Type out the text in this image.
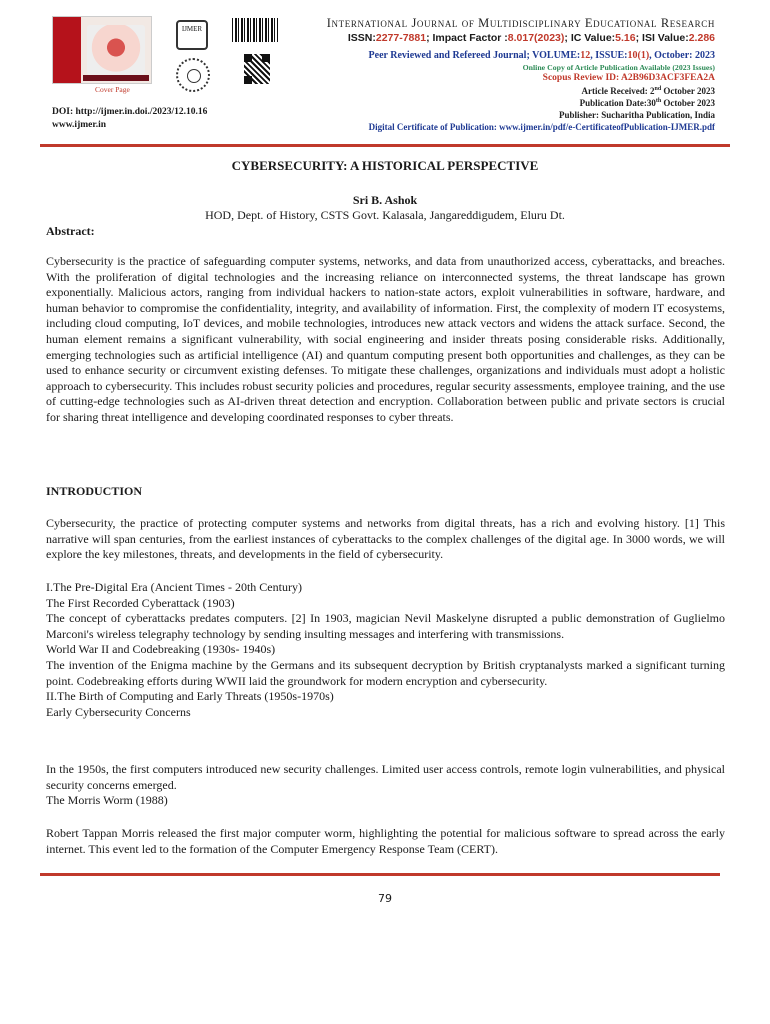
Cover Page
IJMER
DOI: http://ijmer.in.doi./2023/12.10.16
www.ijmer.in
International Journal of Multidisciplinary Educational Research
ISSN:2277-7881; Impact Factor :8.017(2023); IC Value:5.16; ISI Value:2.286
Peer Reviewed and Refereed Journal; VOLUME:12, ISSUE:10(1), October: 2023
Online Copy of Article Publication Available (2023 Issues)
Scopus Review ID: A2B96D3ACF3FEA2A
Article Received: 2nd October 2023
Publication Date:30th October 2023
Publisher: Sucharitha Publication, India
Digital Certificate of Publication: www.ijmer.in/pdf/e-CertificateofPublication-IJMER.pdf
CYBERSECURITY: A HISTORICAL PERSPECTIVE
Sri B. Ashok
HOD, Dept. of History, CSTS Govt. Kalasala, Jangareddigudem, Eluru Dt.
Abstract:
Cybersecurity is the practice of safeguarding computer systems, networks, and data from unauthorized access, cyberattacks, and breaches. With the proliferation of digital technologies and the increasing reliance on interconnected systems, the threat landscape has grown exponentially. Malicious actors, ranging from individual hackers to nation-state actors, exploit vulnerabilities in software, hardware, and human behavior to compromise the confidentiality, integrity, and availability of information. First, the complexity of modern IT ecosystems, including cloud computing, IoT devices, and mobile technologies, introduces new attack vectors and widens the attack surface. Second, the human element remains a significant vulnerability, with social engineering and insider threats posing considerable risks. Additionally, emerging technologies such as artificial intelligence (AI) and quantum computing present both opportunities and challenges, as they can be used to enhance security or circumvent existing defenses. To mitigate these challenges, organizations and individuals must adopt a holistic approach to cybersecurity. This includes robust security policies and procedures, regular security assessments, employee training, and the use of cutting-edge technologies such as AI-driven threat detection and encryption. Collaboration between public and private sectors is crucial for sharing threat intelligence and developing coordinated responses to cyber threats.
INTRODUCTION
Cybersecurity, the practice of protecting computer systems and networks from digital threats, has a rich and evolving history. [1] This narrative will span centuries, from the earliest instances of cyberattacks to the complex challenges of the digital age. In 3000 words, we will explore the key milestones, threats, and developments in the field of cybersecurity.
I.The Pre-Digital Era (Ancient Times - 20th Century)
The First Recorded Cyberattack (1903)
The concept of cyberattacks predates computers. [2] In 1903, magician Nevil Maskelyne disrupted a public demonstration of Guglielmo Marconi's wireless telegraphy technology by sending insulting messages and interfering with transmissions.
World War II and Codebreaking (1930s- 1940s)
The invention of the Enigma machine by the Germans and its subsequent decryption by British cryptanalysts marked a significant turning point. Codebreaking efforts during WWII laid the groundwork for modern encryption and cybersecurity.
II.The Birth of Computing and Early Threats (1950s-1970s)
Early Cybersecurity Concerns
In the 1950s, the first computers introduced new security challenges. Limited user access controls, remote login vulnerabilities, and physical security concerns emerged.
The Morris Worm (1988)
Robert Tappan Morris released the first major computer worm, highlighting the potential for malicious software to spread across the early internet. This event led to the formation of the Computer Emergency Response Team (CERT).
79
